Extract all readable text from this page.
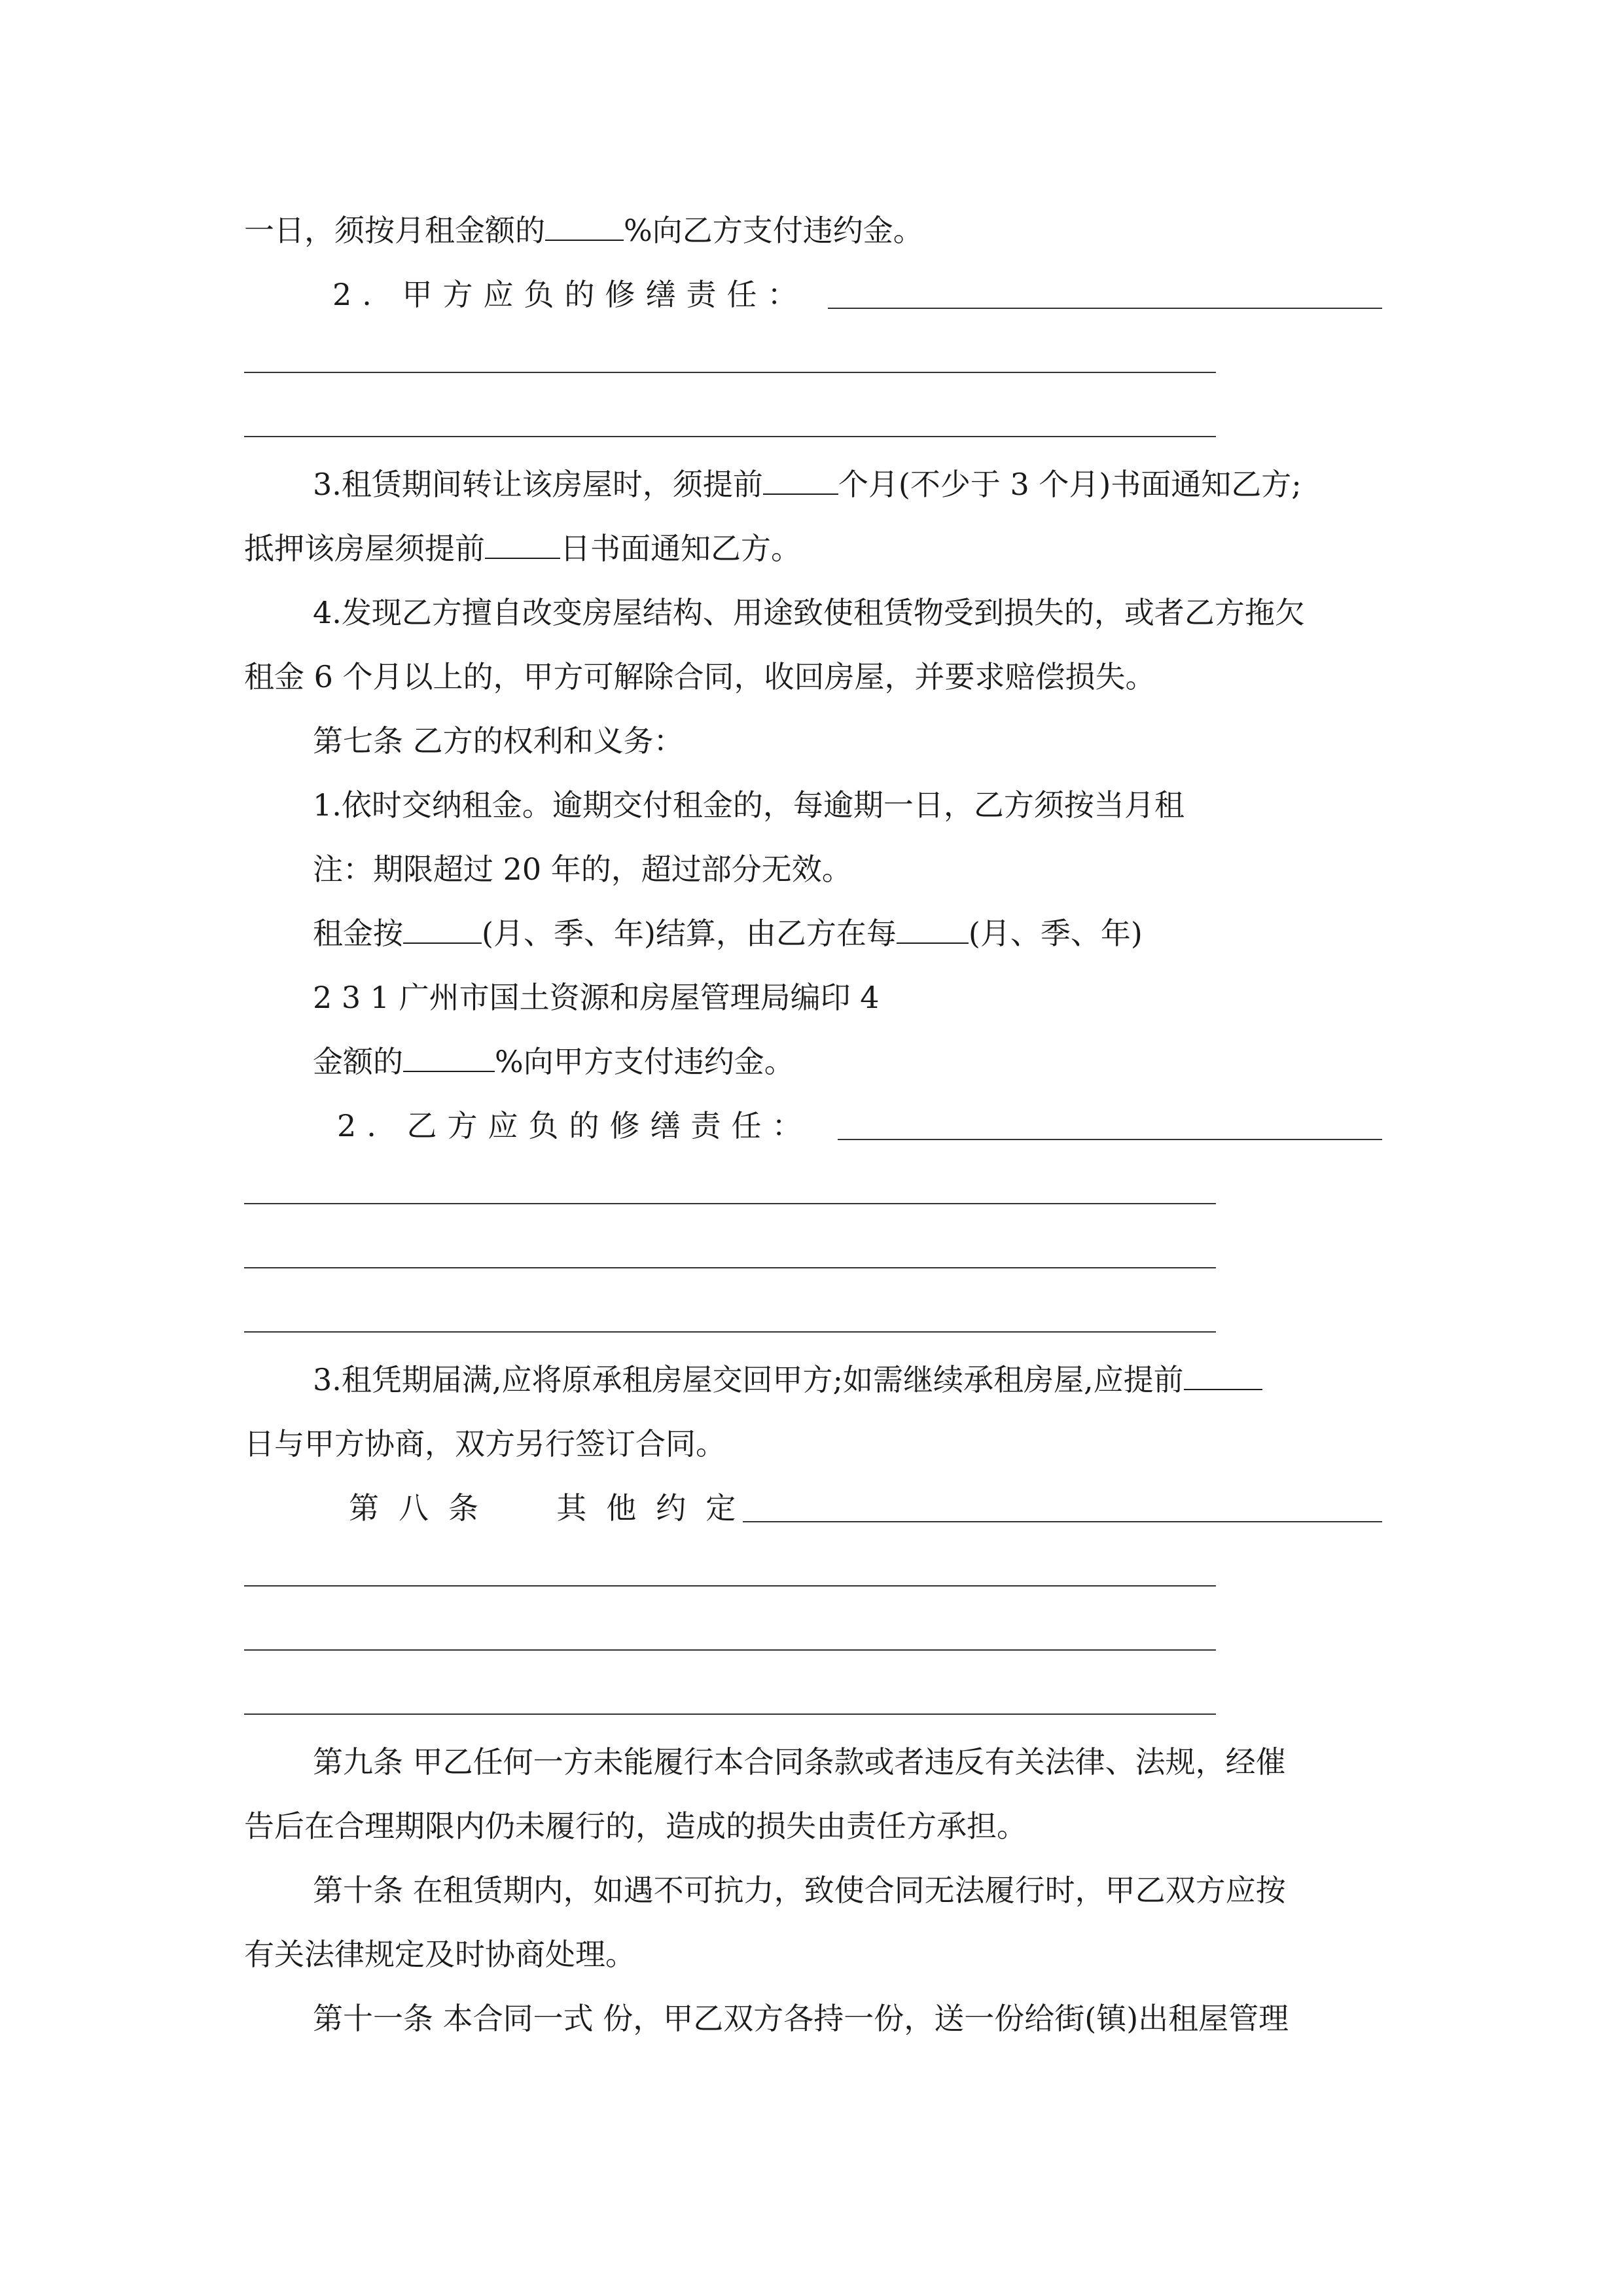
一日，须按月租金额的	%向乙方支付违约金。
2. 甲方应负的修缮责任：
3.租赁期间转让该房屋时，须提前	个月(不少于 3 个月)书面通知乙方;
抵押该房屋须提前	日书面通知乙方。
4.发现乙方擅自改变房屋结构、用途致使租赁物受到损失的，或者乙方拖欠
租金 6 个月以上的，甲方可解除合同，收回房屋，并要求赔偿损失。
第七条 乙方的权利和义务：
1.依时交纳租金。逾期交付租金的，每逾期一日，乙方须按当月租
注：期限超过 20 年的，超过部分无效。
租金按	(月、季、年)结算，由乙方在每 (月、季、年)
2 3 1 广州市国土资源和房屋管理局编印 4
金额的	%向甲方支付违约金。
2. 乙方应负的修缮责任：
3.租凭期届满,应将原承租房屋交回甲方;如需继续承租房屋,应提前
日与甲方协商，双方另行签订合同。
第八条  其他约定
第九条 甲乙任何一方未能履行本合同条款或者违反有关法律、法规，经催
告后在合理期限内仍未履行的，造成的损失由责任方承担。
第十条 在租赁期内，如遇不可抗力，致使合同无法履行时，甲乙双方应按
有关法律规定及时协商处理。
第十一条 本合同一式 份，甲乙双方各持一份，送一份给街(镇)出租屋管理
